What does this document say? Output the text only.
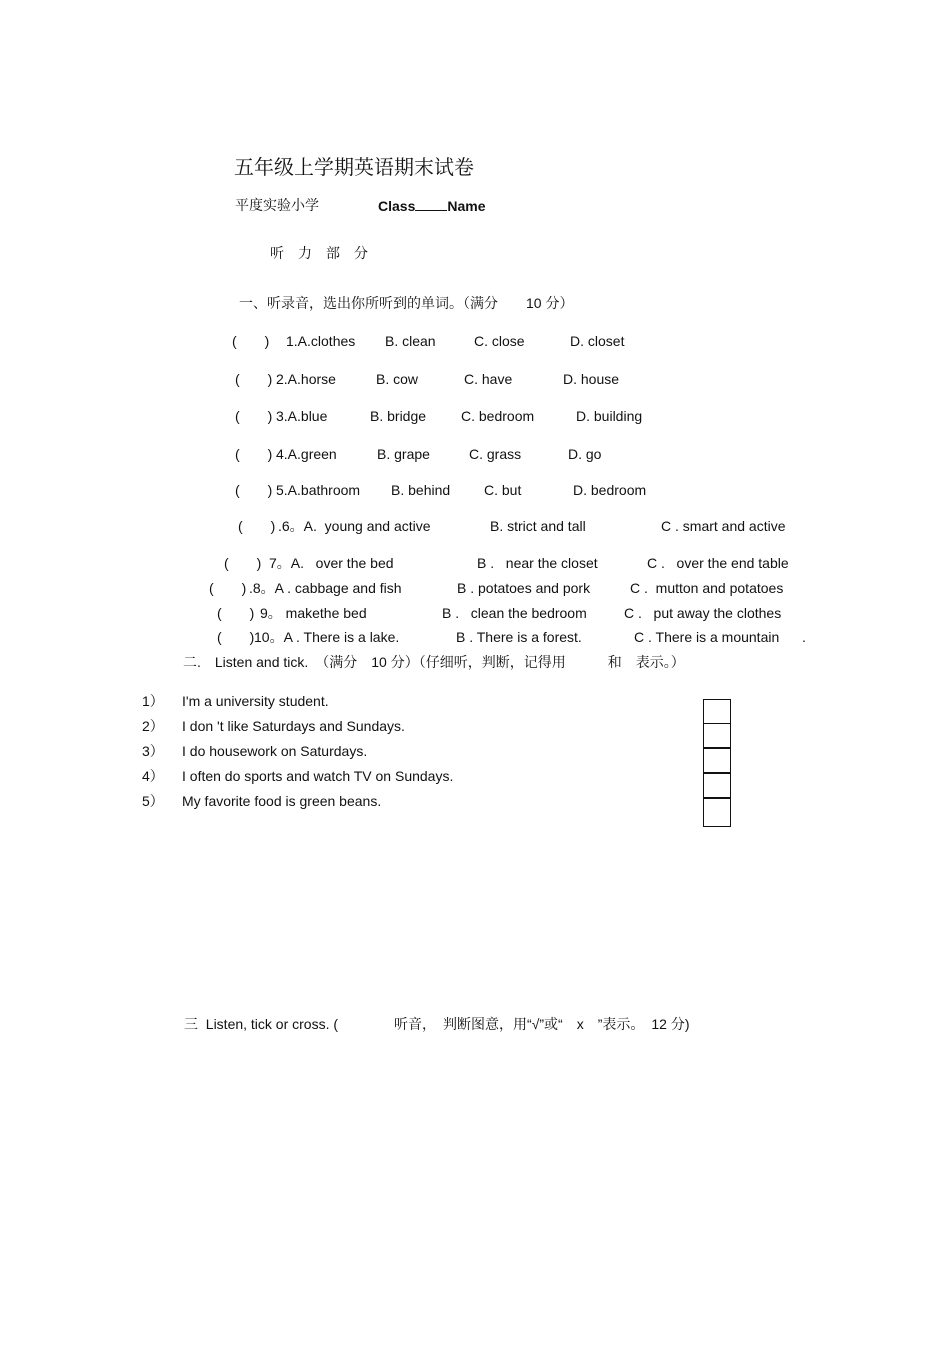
五年级上学期英语期末试卷
平度实验小学	Class Name
听　力　部　分
一、听录音，选出你所听到的单词。（满分　　10 分）
(　　) 1.A.clothes B. clean	C. close	D. closet
(　　) 2.A.horse	B. cow	C. have	D. house
(　　) 3.A.blue	B. bridge C. bedroom	D. building
(　　) 4.A.green	B. grape	C. grass	D. go
(　　) 5.A.bathroom B. behind C. but	D. bedroom
(　　) .6。A.  young and active	B. strict and tall	C . smart and active
(　　) 7。A.   over the bed	B .   near the closet	C .   over the end table
(　　) .8。A . cabbage and fish	B . potatoes and pork	C .  mutton and potatoes
(　　) 9。 makethe bed	B .   clean the bedroom	C .   put away the clothes
(　　) 10。A . There is a lake.	B . There is a forest.	C . There is a mountain .
二.　Listen and tick.　（满分　10 分）（仔细听，判断，记得用　　　和　表示。）
1） I'm a university student.
2） I don 't like Saturdays and Sundays.
3） I do housework on Saturdays.
4） I often do sports and watch TV on Sundays.
5） My favorite food is green beans.
三  Listen, tick or cross. (　　　　听音，　判断图意，用“√”或“　x　”表示。　12 分)
